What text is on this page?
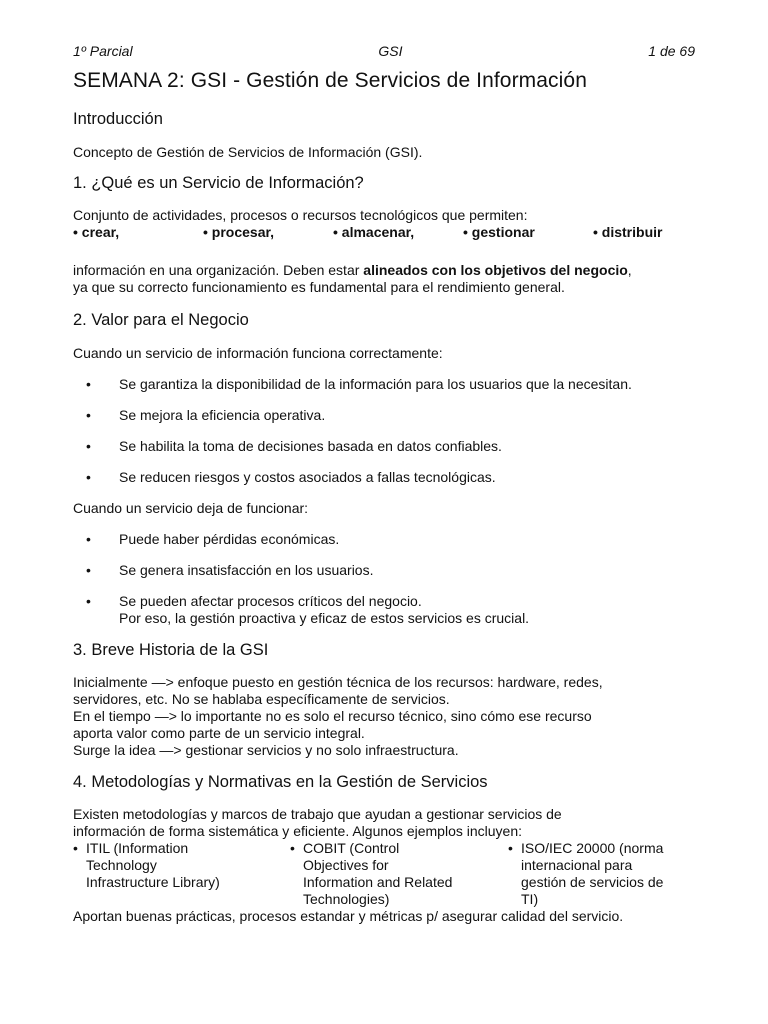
1º Parcial	GSI	1 de 69
SEMANA 2: GSI - Gestión de Servicios de Información
Introducción

Concepto de Gestión de Servicios de Información (GSI).

1. ¿Qué es un Servicio de Información?

Conjunto de actividades, procesos o recursos tecnológicos que permiten:

• crear,	• procesar,	• almacenar,	• gestionar	• distribuir

información en una organización. Deben estar alineados con los objetivos del negocio,

ya que su correcto funcionamiento es fundamental para el rendimiento general.

2. Valor para el Negocio

Cuando un servicio de información funciona correctamente:

• Se garantiza la disponibilidad de la información para los usuarios que la necesitan.
• Se mejora la eficiencia operativa.
• Se habilita la toma de decisiones basada en datos confiables.
• Se reducen riesgos y costos asociados a fallas tecnológicas.

Cuando un servicio deja de funcionar:

• Puede haber pérdidas económicas.
• Se genera insatisfacción en los usuarios.
• Se pueden afectar procesos críticos del negocio.
Por eso, la gestión proactiva y eficaz de estos servicios es crucial.
3. Breve Historia de la GSI
Inicialmente —> enfoque puesto en gestión técnica de los recursos: hardware, redes,
servidores, etc. No se hablaba específicamente de servicios.
En el tiempo —> lo importante no es solo el recurso técnico, sino cómo ese recurso
aporta valor como parte de un servicio integral.
Surge la idea —> gestionar servicios y no solo infraestructura.
4. Metodologías y Normativas en la Gestión de Servicios
Existen metodologías y marcos de trabajo que ayudan a gestionar servicios de
información de forma sistemática y eficiente. Algunos ejemplos incluyen:
• ITIL (Information
Technology
Infrastructure Library)
• COBIT (Control
Objectives for
Information and Related
Technologies)
• ISO/IEC 20000 (norma
internacional para
gestión de servicios de
TI)

Aportan buenas prácticas, procesos estandar y métricas p/ asegurar calidad del servicio.
